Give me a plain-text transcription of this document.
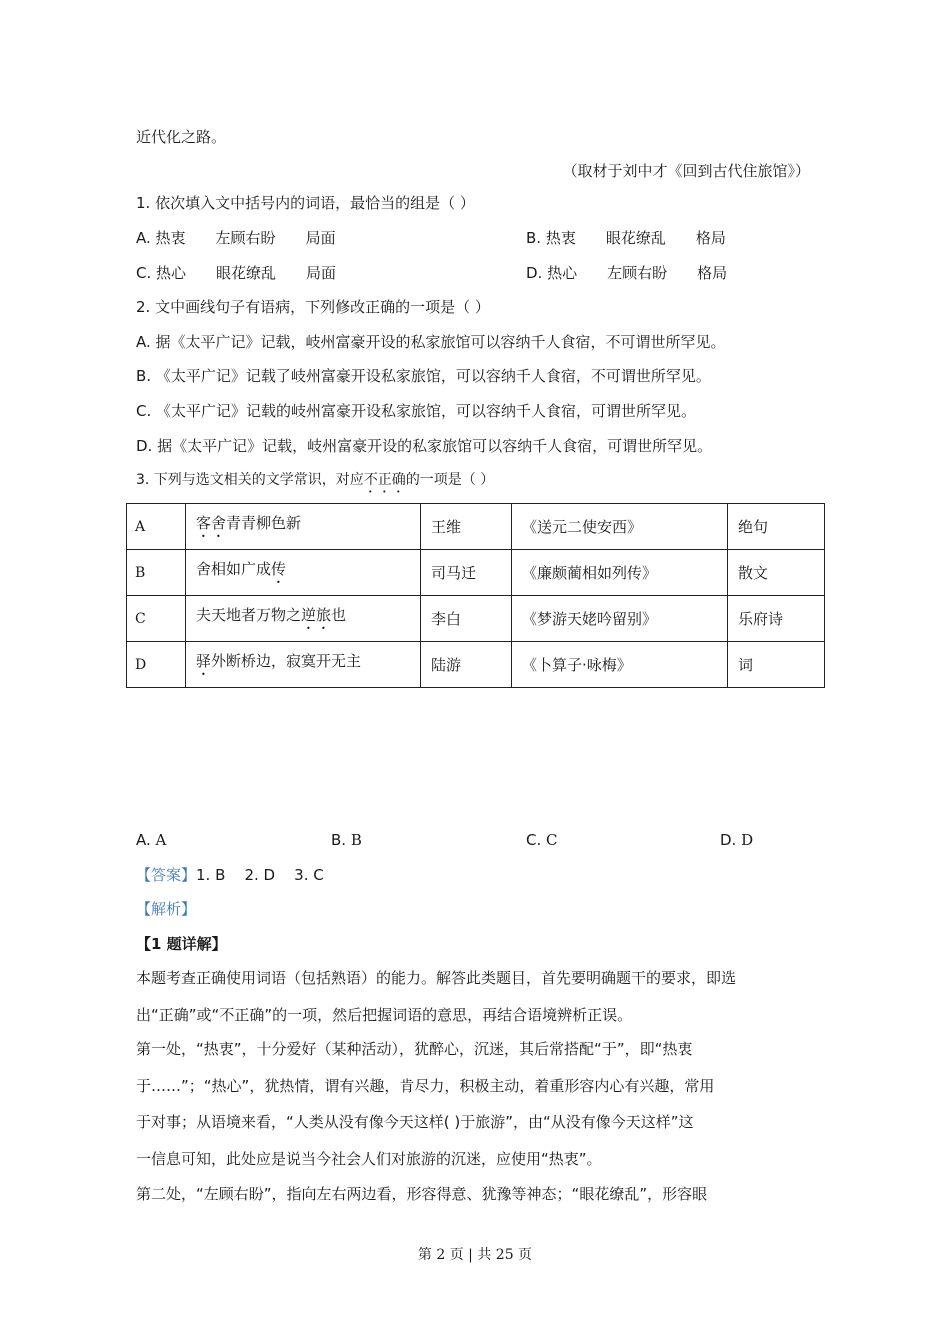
近代化之路。
（取材于刘中才《回到古代住旅馆》）
1. 依次填入文中括号内的词语，最恰当的组是（ ）
A. 热衷 左顾右盼 局面	B. 热衷 眼花缭乱 格局
C. 热心 眼花缭乱 局面	D. 热心 左顾右盼 格局
2. 文中画线句子有语病，下列修改正确的一项是（ ）
A. 据《太平广记》记载，岐州富豪开设的私家旅馆可以容纳千人食宿，不可谓世所罕见。
B. 《太平广记》记载了岐州富豪开设私家旅馆，可以容纳千人食宿，不可谓世所罕见。
C. 《太平广记》记载的岐州富豪开设私家旅馆，可以容纳千人食宿，可谓世所罕见。
D. 据《太平广记》记载，岐州富豪开设的私家旅馆可以容纳千人食宿，可谓世所罕见。
3. 下列与选文相关的文学常识，对应不正确的一项是（ ）
A	客舍青青柳色新	王维	《送元二使安西》	绝句
B	舍相如广成传	司马迁	《廉颇蔺相如列传》	散文
C	夫天地者万物之逆旅也	李白	《梦游天姥吟留别》	乐府诗
D	驿外断桥边，寂寞开无主	陆游	《卜算子·咏梅》	词
A. A	B. B	C. C	D. D
【答案】1. B    2. D    3. C
【解析】
【1 题详解】
本题考查正确使用词语（包括熟语）的能力。解答此类题目，首先要明确题干的要求，即选
出“正确”或“不正确”的一项，然后把握词语的意思，再结合语境辨析正误。
第一处，“热衷”，十分爱好（某种活动），犹醉心，沉迷，其后常搭配“于”，即“热衷
于……”；“热心”，犹热情，谓有兴趣，肯尽力，积极主动，着重形容内心有兴趣，常用
于对事；从语境来看，“人类从没有像今天这样( )于旅游”，由“从没有像今天这样”这
一信息可知，此处应是说当今社会人们对旅游的沉迷，应使用“热衷”。
第二处，“左顾右盼”，指向左右两边看，形容得意、犹豫等神态；“眼花缭乱”，形容眼
第 2 页 | 共 25 页
